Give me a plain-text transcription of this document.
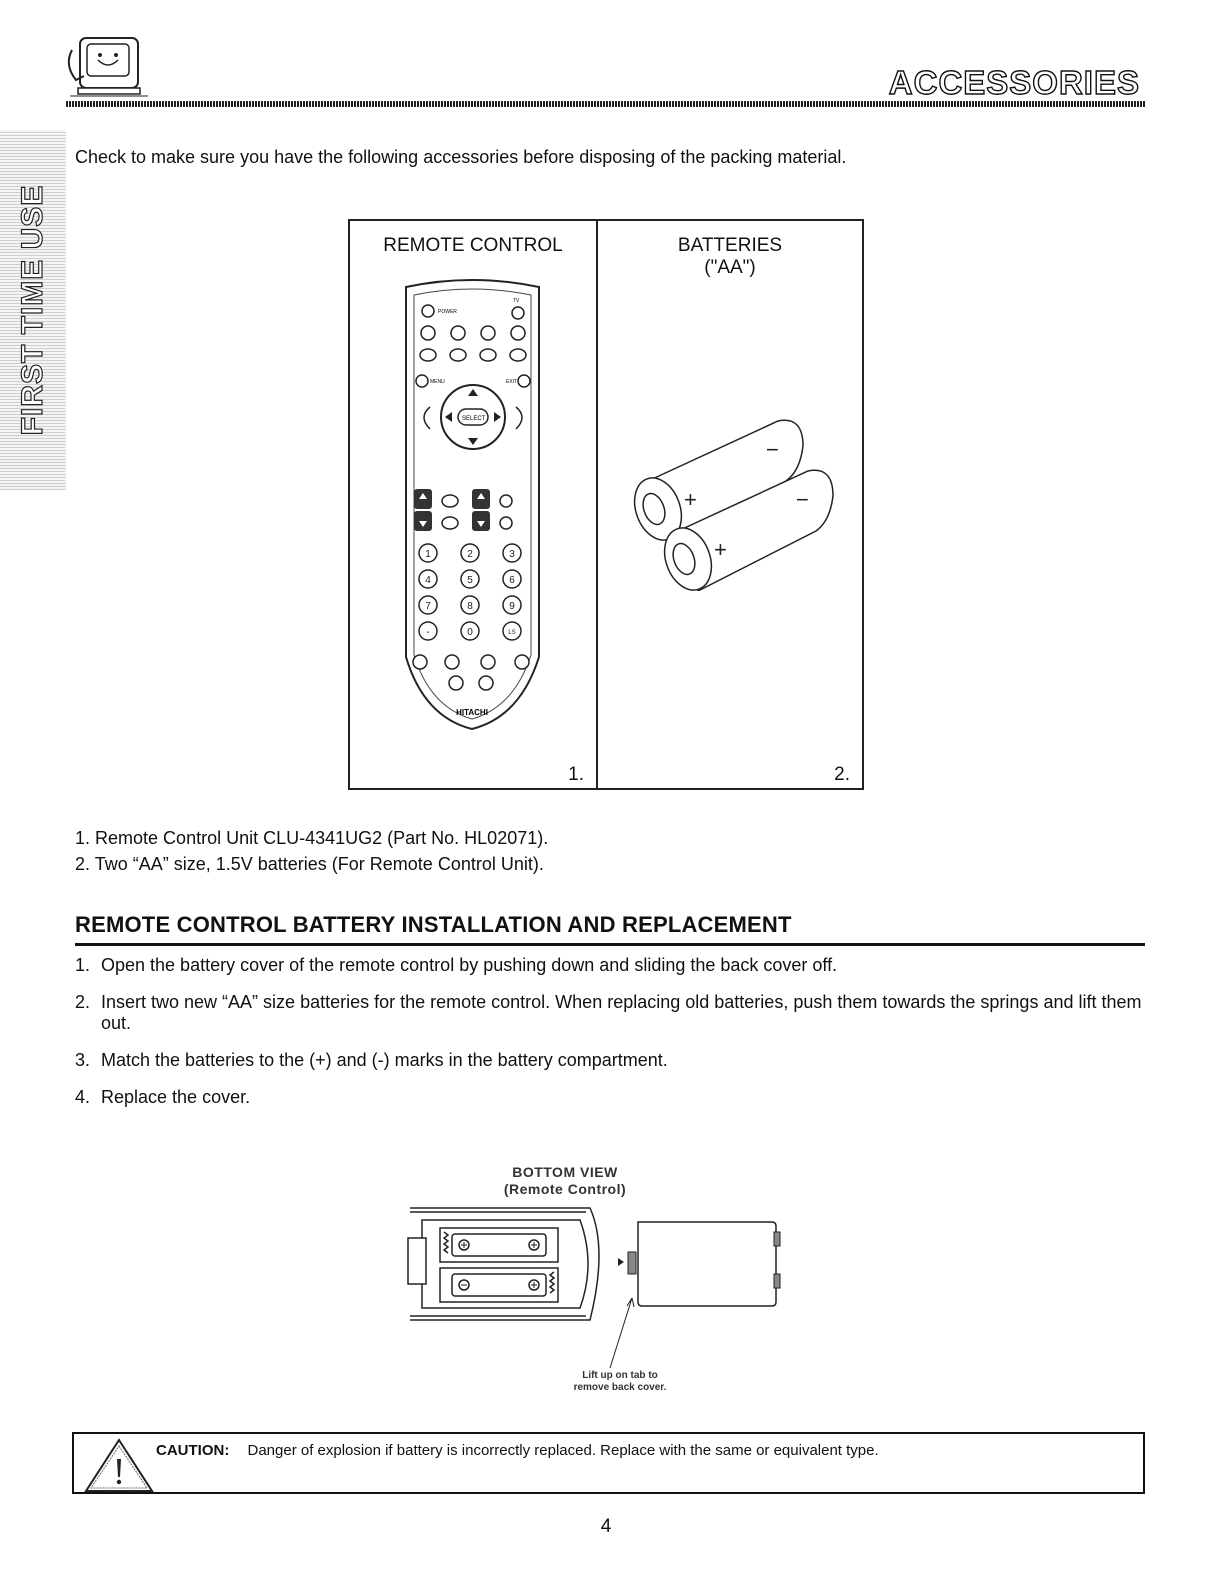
ACCESSORIES
FIRST TIME USE
Check to make sure you have the following accessories before disposing of the packing material.
REMOTE CONTROL
POWER
TV
MENU	EXIT
SELECT
1	2	3
4	5	6
7	8	9
-	0	LS
HITACHI
1.
BATTERIES
("AA")
+
−
+
−
2.
1. Remote Control Unit CLU-4341UG2 (Part No. HL02071).
2. Two “AA” size, 1.5V batteries (For Remote Control Unit).
REMOTE CONTROL BATTERY INSTALLATION AND REPLACEMENT
1. Open the battery cover of the remote control by pushing down and sliding the back cover off.
2. Insert two new “AA” size batteries for the remote control. When replacing old batteries, push them towards the springs and lift them out.
3. Match the batteries to the (+) and (-) marks in the battery compartment.
4. Replace the cover.
BOTTOM VIEW
(Remote Control)
Lift up on tab to
remove back cover.
CAUTION: Danger of explosion if battery is incorrectly replaced. Replace with the same or equivalent type.
4
